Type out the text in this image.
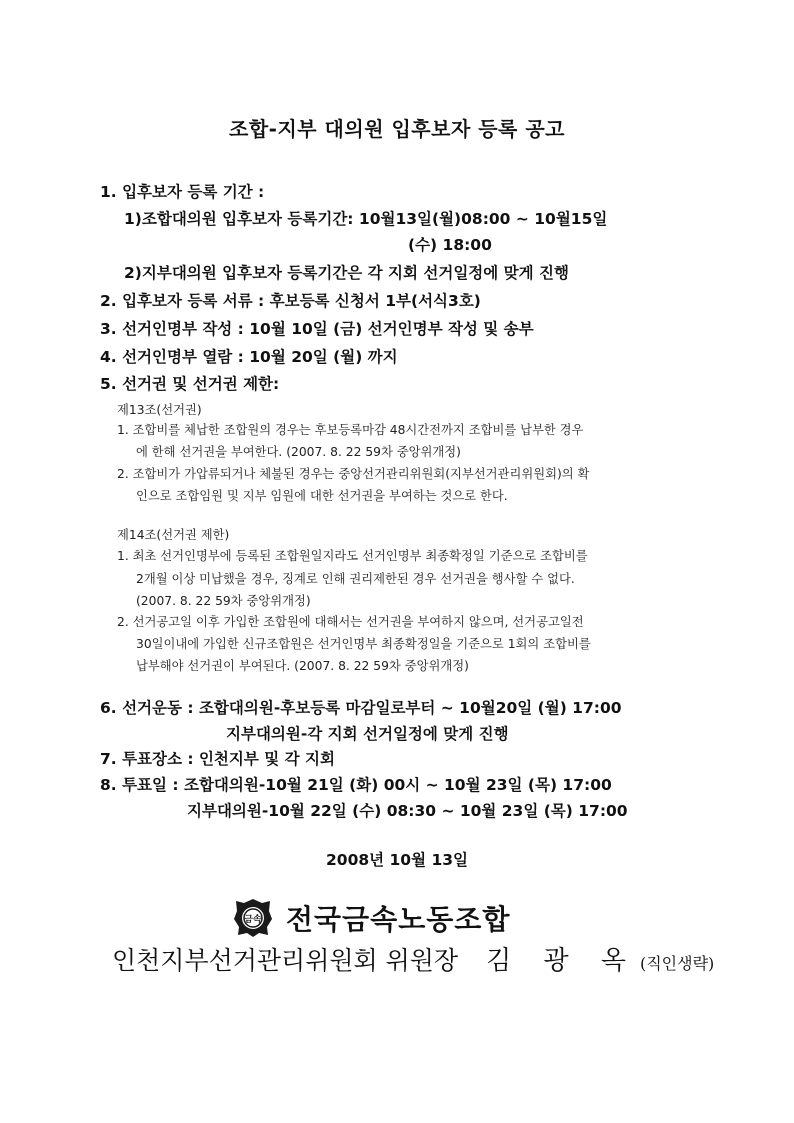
조합-지부 대의원 입후보자 등록 공고
1. 입후보자 등록 기간 :
1)조합대의원 입후보자 등록기간: 10월13일(월)08:00 ~ 10월15일
(수) 18:00
2)지부대의원 입후보자 등록기간은 각 지회 선거일정에 맞게 진행
2. 입후보자 등록 서류 : 후보등록 신청서 1부(서식3호)
3. 선거인명부 작성 : 10월 10일 (금) 선거인명부 작성 및 송부
4. 선거인명부 열람 : 10월 20일 (월) 까지
5. 선거권 및 선거권 제한:
제13조(선거권)
1. 조합비를 체납한 조합원의 경우는 후보등록마감 48시간전까지 조합비를 납부한 경우
에 한해 선거권을 부여한다. (2007. 8. 22 59차 중앙위개정)
2. 조합비가 가압류되거나 체불된 경우는 중앙선거관리위원회(지부선거관리위원회)의 확
인으로 조합임원 및 지부 임원에 대한 선거권을 부여하는 것으로 한다.
제14조(선거권 제한)
1. 최초 선거인명부에 등록된 조합원일지라도 선거인명부 최종확정일 기준으로 조합비를
2개월 이상 미납했을 경우, 징계로 인해 권리제한된 경우 선거권을 행사할 수 없다.
(2007. 8. 22 59차 중앙위개정)
2. 선거공고일 이후 가입한 조합원에 대해서는 선거권을 부여하지 않으며, 선거공고일전
30일이내에 가입한 신규조합원은 선거인명부 최종확정일을 기준으로 1회의 조합비를
납부해야 선거권이 부여된다. (2007. 8. 22 59차 중앙위개정)
6. 선거운동 : 조합대의원-후보등록 마감일로부터 ~ 10월20일 (월) 17:00
지부대의원-각 지회 선거일정에 맞게 진행
7. 투표장소 : 인천지부 및 각 지회
8. 투표일 : 조합대의원-10월 21일 (화) 00시 ~ 10월 23일 (목) 17:00
지부대의원-10월 22일 (수) 08:30 ~ 10월 23일 (목) 17:00
2008년 10월 13일
금속 전국금속노동조합
인천지부선거관리위원회 위원장 김 광 옥 (직인생략)
